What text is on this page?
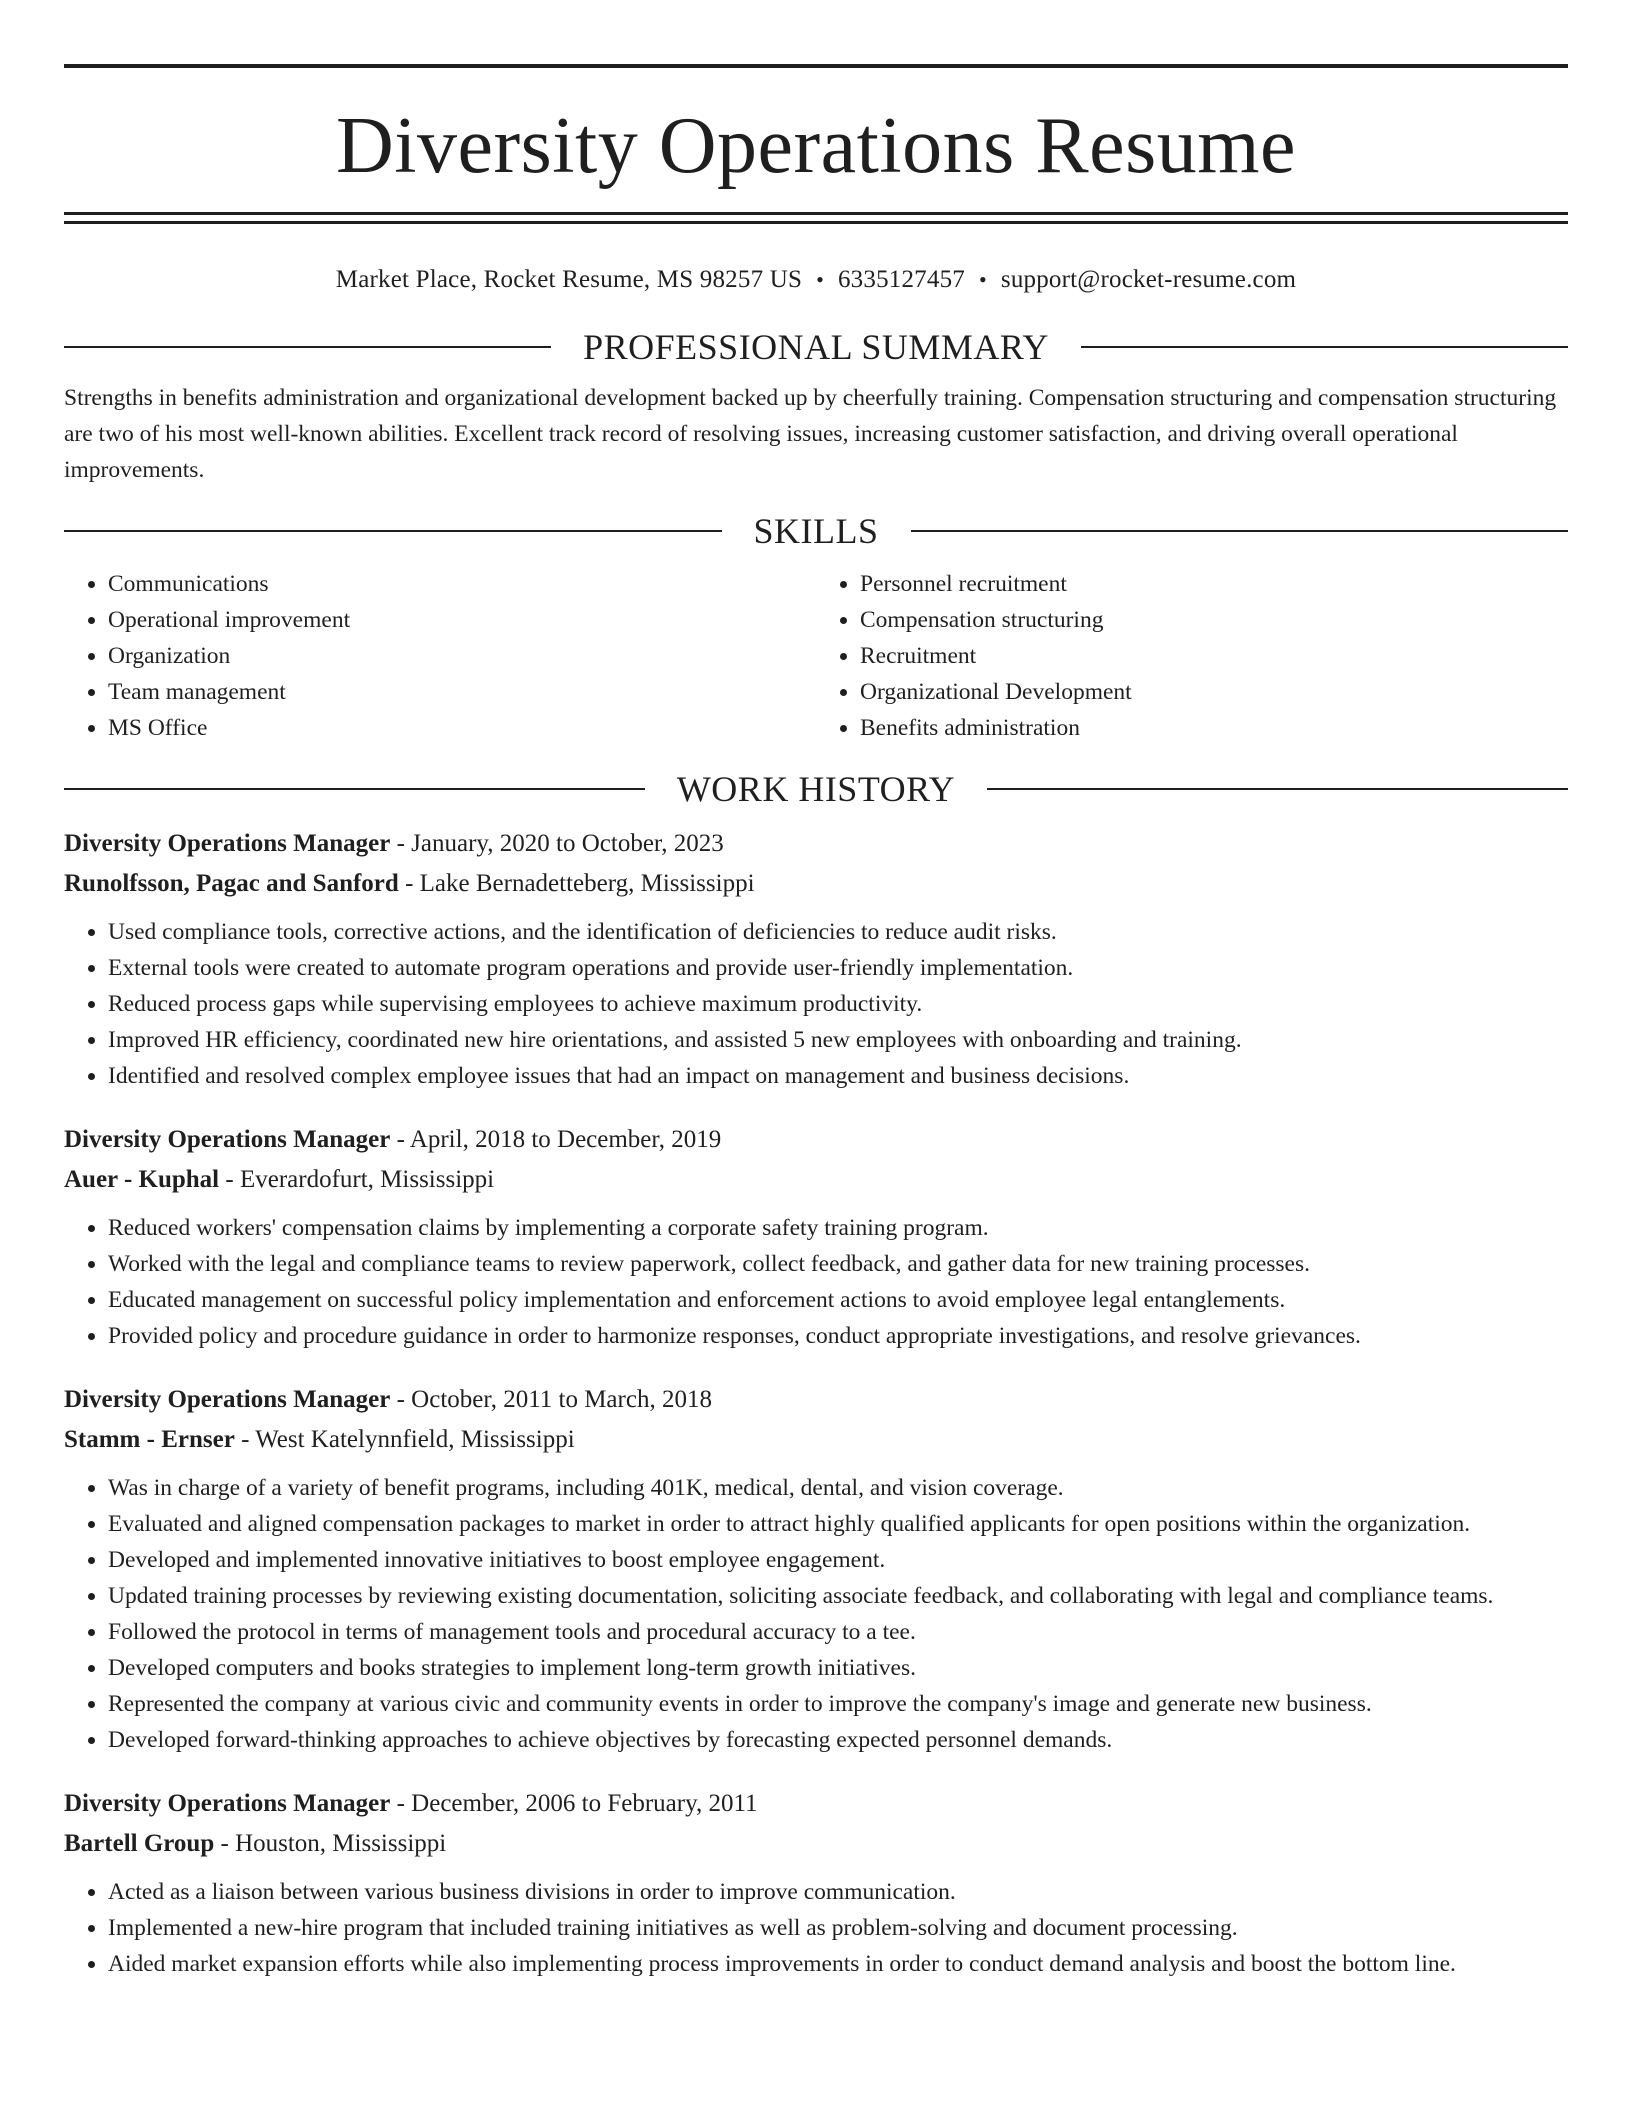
Diversity Operations Resume
Market Place, Rocket Resume, MS 98257 US • 6335127457 • support@rocket-resume.com
PROFESSIONAL SUMMARY

Strengths in benefits administration and organizational development backed up by cheerfully training. Compensation structuring and compensation structuring are two of his most well-known abilities. Excellent track record of resolving issues, increasing customer satisfaction, and driving overall operational improvements.

SKILLS
• Communications
• Operational improvement
• Organization
• Team management
• MS Office
• Personnel recruitment
• Compensation structuring
• Recruitment
• Organizational Development
• Benefits administration
WORK HISTORY

Diversity Operations Manager - January, 2020 to October, 2023

Runolfsson, Pagac and Sanford - Lake Bernadetteberg, Mississippi

• Used compliance tools, corrective actions, and the identification of deficiencies to reduce audit risks.
• External tools were created to automate program operations and provide user-friendly implementation.
• Reduced process gaps while supervising employees to achieve maximum productivity.
• Improved HR efficiency, coordinated new hire orientations, and assisted 5 new employees with onboarding and training.
• Identified and resolved complex employee issues that had an impact on management and business decisions.

Diversity Operations Manager - April, 2018 to December, 2019

Auer - Kuphal - Everardofurt, Mississippi

• Reduced workers' compensation claims by implementing a corporate safety training program.
• Worked with the legal and compliance teams to review paperwork, collect feedback, and gather data for new training processes.
• Educated management on successful policy implementation and enforcement actions to avoid employee legal entanglements.
• Provided policy and procedure guidance in order to harmonize responses, conduct appropriate investigations, and resolve grievances.

Diversity Operations Manager - October, 2011 to March, 2018

Stamm - Ernser - West Katelynnfield, Mississippi

• Was in charge of a variety of benefit programs, including 401K, medical, dental, and vision coverage.
• Evaluated and aligned compensation packages to market in order to attract highly qualified applicants for open positions within the organization.
• Developed and implemented innovative initiatives to boost employee engagement.
• Updated training processes by reviewing existing documentation, soliciting associate feedback, and collaborating with legal and compliance teams.
• Followed the protocol in terms of management tools and procedural accuracy to a tee.
• Developed computers and books strategies to implement long-term growth initiatives.
• Represented the company at various civic and community events in order to improve the company's image and generate new business.
• Developed forward-thinking approaches to achieve objectives by forecasting expected personnel demands.

Diversity Operations Manager - December, 2006 to February, 2011

Bartell Group - Houston, Mississippi

• Acted as a liaison between various business divisions in order to improve communication.
• Implemented a new-hire program that included training initiatives as well as problem-solving and document processing.
• Aided market expansion efforts while also implementing process improvements in order to conduct demand analysis and boost the bottom line.
